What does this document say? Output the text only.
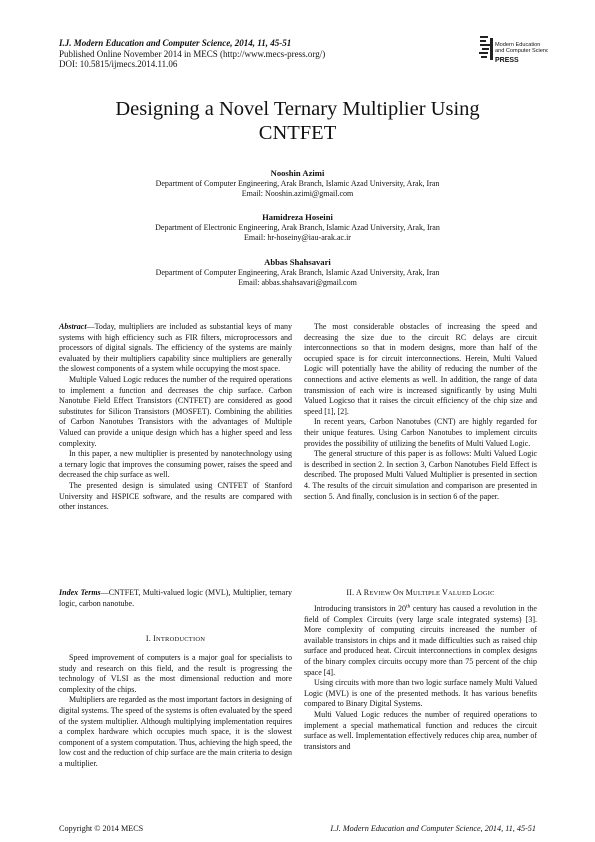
I.J. Modern Education and Computer Science, 2014, 11, 45-51
Published Online November 2014 in MECS (http://www.mecs-press.org/)
DOI: 10.5815/ijmecs.2014.11.06
Modern Education
and Computer Science
PRESS
Designing a Novel Ternary Multiplier Using
CNTFET
Nooshin Azimi
Department of Computer Engineering, Arak Branch, Islamic Azad University, Arak, Iran
Email: Nooshin.azimi@gmail.com
Hamidreza Hoseini
Department of Electronic Engineering, Arak Branch, Islamic Azad University, Arak, Iran
Email: hr-hoseiny@iau-arak.ac.ir
Abbas Shahsavari
Department of Computer Engineering, Arak Branch, Islamic Azad University, Arak, Iran
Email: abbas.shahsavari@gmail.com

Abstract—Today, multipliers are included as substantial keys of many systems with high efficiency such as FIR filters, microprocessors and processors of digital signals. The efficiency of the systems are mainly evaluated by their multipliers capability since multipliers are generally the slowest components of a system while occupying the most space.

Multiple Valued Logic reduces the number of the required operations to implement a function and decreases the chip surface. Carbon Nanotube Field Effect Transistors (CNTFET) are considered as good substitutes for Silicon Transistors (MOSFET). Combining the abilities of Carbon Nanotubes Transistors with the advantages of Multiple Valued can provide a unique design which has a higher speed and less complexity.

In this paper, a new multiplier is presented by nanotechnology using a ternary logic that improves the consuming power, raises the speed and decreased the chip surface as well.

The presented design is simulated using CNTFET of Stanford University and HSPICE software, and the results are compared with other instances.

Index Terms—CNTFET, Multi-valued logic (MVL), Multiplier, ternary logic, carbon nanotube.

I. INTRODUCTION

Speed improvement of computers is a major goal for specialists to study and research on this field, and the result is progressing the technology of VLSI as the most dimensional reduction and more complexity of the chips.

Multipliers are regarded as the most important factors in designing of digital systems. The speed of the systems is often evaluated by the speed of the system multiplier. Although multiplying implementation requires a complex hardware which occupies much space, it is the slowest component of a system computation. Thus, achieving the high speed, the low cost and the reduction of chip surface are the main criteria to design a multiplier.

The most considerable obstacles of increasing the speed and decreasing the size due to the circuit RC delays are circuit interconnections so that in modern designs, more than half of the occupied space is for circuit interconnections. Herein, Multi Valued Logic will potentially have the ability of reducing the number of the connections and active elements as well. In addition, the range of data transmission of each wire is increased significantly by using Multi Valued Logicso that it raises the circuit efficiency of the chip size and speed [1], [2].

In recent years, Carbon Nanotubes (CNT) are highly regarded for their unique features. Using Carbon Nanotubes to implement circuits provides the possibility of utilizing the benefits of Multi Valued Logic.

The general structure of this paper is as follows: Multi Valued Logic is described in section 2. In section 3, Carbon Nanotubes Field Effect is described. The proposed Multi Valued Multiplier is presented in section 4. The results of the circuit simulation and comparison are presented in section 5. And finally, conclusion is in section 6 of the paper.

II. A REVIEW ON MULTIPLE VALUED LOGIC

Introducing transistors in 20th century has caused a revolution in the field of Complex Circuits (very large scale integrated systems) [3]. More complexity of computing circuits increased the number of available transistors in chips and it made difficulties such as raised chip surface and produced heat. Circuit interconnections in complex designs of the binary complex circuits occupy more than 75 percent of the chip space [4].

Using circuits with more than two logic surface namely Multi Valued Logic (MVL) is one of the presented methods. It has various benefits compared to Binary Digital Systems.

Multi Valued Logic reduces the number of required operations to implement a special mathematical function and reduces the circuit surface as well. Implementation effectively reduces chip area, number of transistors and

Copyright © 2014 MECS	I.J. Modern Education and Computer Science, 2014, 11, 45-51
